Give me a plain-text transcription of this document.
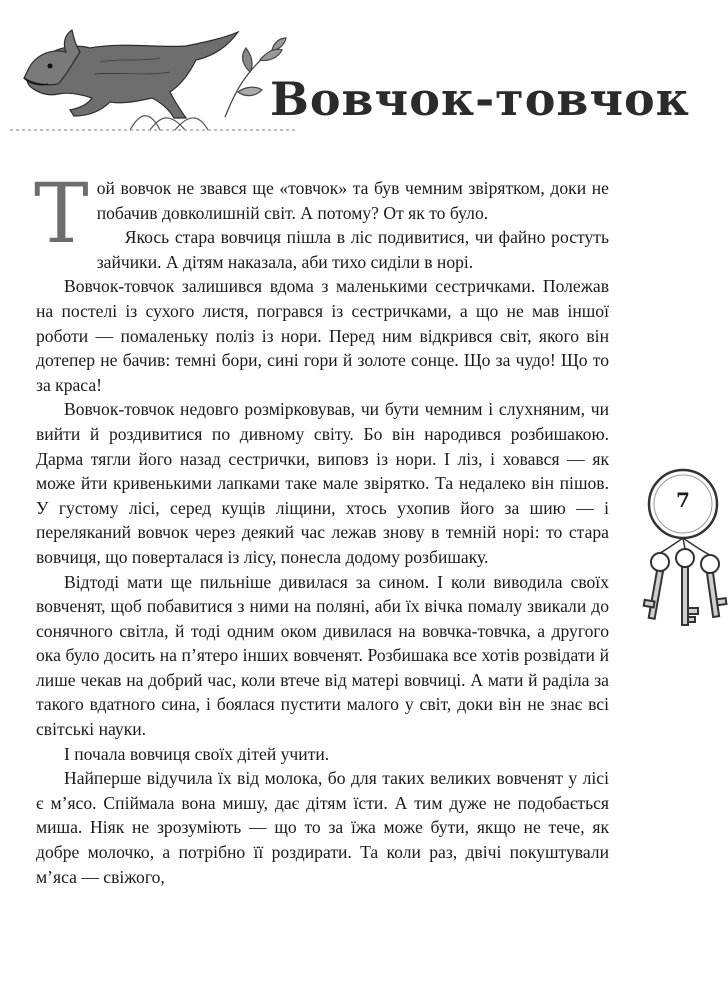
Вовчок-товчок

Той вовчок не звався ще «товчок» та був чемним звірятком, доки не побачив довколишній світ. А потому? От як то було.

Якось стара вовчиця пішла в ліс подивитися, чи файно ростуть зайчики. А дітям наказала, аби тихо сиділи в норі.

Вовчок-товчок залишився вдома з маленькими сестричками. Полежав на постелі із сухого листя, погрався із сестричками, а що не мав іншої роботи — помаленьку поліз із нори. Перед ним відкрився світ, якого він дотепер не бачив: темні бори, сині гори й золоте сонце. Що за чудо! Що то за краса!

Вовчок-товчок недовго розмірковував, чи бути чемним і слухняним, чи вийти й роздивитися по дивному світу. Бо він народився розбишакою. Дарма тягли його назад сестрички, виповз із нори. І ліз, і ховався — як може йти кривенькими лапками таке мале звірятко. Та недалеко він пішов. У густому лісі, серед кущів ліщини, хтось ухопив його за шию — і переляканий вовчок через деякий час лежав знову в темній норі: то стара вовчиця, що поверталася із лісу, понесла додому розбишаку.

Відтоді мати ще пильніше дивилася за сином. І коли виводила своїх вовченят, щоб побавитися з ними на поляні, аби їх вічка помалу звикали до сонячного світла, й тоді одним оком дивилася на вовчка-товчка, а другого ока було досить на п’ятеро інших вовченят. Розбишака все хотів розвідати й лише чекав на добрий час, коли втече від матері вовчиці. А мати й раділа за такого вдатного сина, і боялася пустити малого у світ, доки він не знає всі світські науки.

І почала вовчиця своїх дітей учити.

Найперше відучила їх від молока, бо для таких великих вовченят у лісі є м’ясо. Спіймала вона мишу, дає дітям їсти. А тим дуже не подобається миша. Ніяк не зрозуміють — що то за їжа може бути, якщо не тече, як добре молочко, а потрібно її роздирати. Та коли раз, двічі покуштували м’яса — свіжого,

7
